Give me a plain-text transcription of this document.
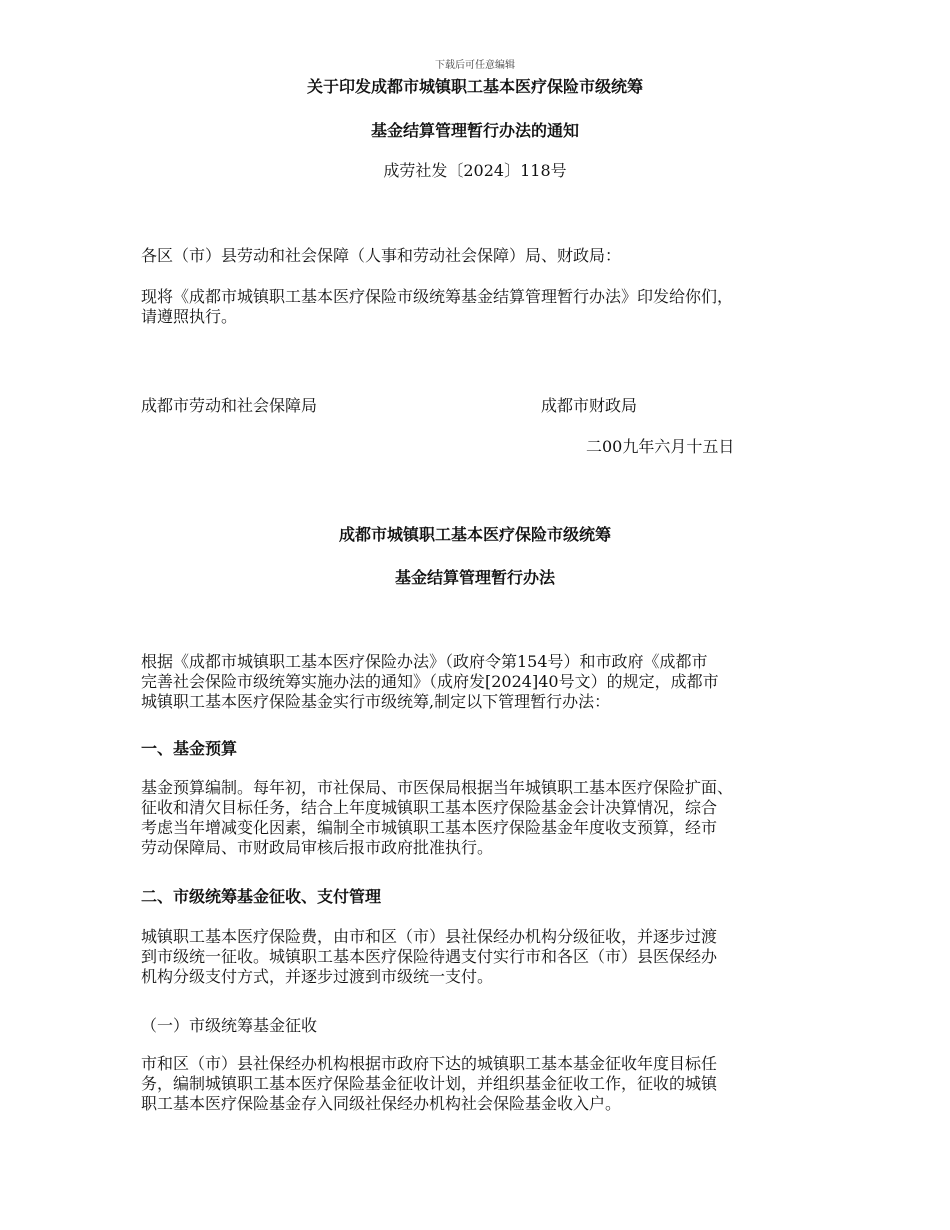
下载后可任意编辑
关于印发成都市城镇职工基本医疗保险市级统筹
基金结算管理暂行办法的通知
成劳社发〔2024〕118号
各区（市）县劳动和社会保障（人事和劳动社会保障）局、财政局：
现将《成都市城镇职工基本医疗保险市级统筹基金结算管理暂行办法》印发给你们，
请遵照执行。
成都市劳动和社会保障局	成都市财政局
二00九年六月十五日
成都市城镇职工基本医疗保险市级统筹
基金结算管理暂行办法
根据《成都市城镇职工基本医疗保险办法》（政府令第154号）和市政府《成都市
完善社会保险市级统筹实施办法的通知》（成府发[2024]40号文）的规定，成都市
城镇职工基本医疗保险基金实行市级统筹,制定以下管理暂行办法：
一、基金预算
基金预算编制。每年初，市社保局、市医保局根据当年城镇职工基本医疗保险扩面、
征收和清欠目标任务，结合上年度城镇职工基本医疗保险基金会计决算情况，综合
考虑当年增减变化因素，编制全市城镇职工基本医疗保险基金年度收支预算，经市
劳动保障局、市财政局审核后报市政府批准执行。
二、市级统筹基金征收、支付管理
城镇职工基本医疗保险费，由市和区（市）县社保经办机构分级征收，并逐步过渡
到市级统一征收。城镇职工基本医疗保险待遇支付实行市和各区（市）县医保经办
机构分级支付方式，并逐步过渡到市级统一支付。
（一）市级统筹基金征收
市和区（市）县社保经办机构根据市政府下达的城镇职工基本基金征收年度目标任
务，编制城镇职工基本医疗保险基金征收计划，并组织基金征收工作，征收的城镇
职工基本医疗保险基金存入同级社保经办机构社会保险基金收入户。
